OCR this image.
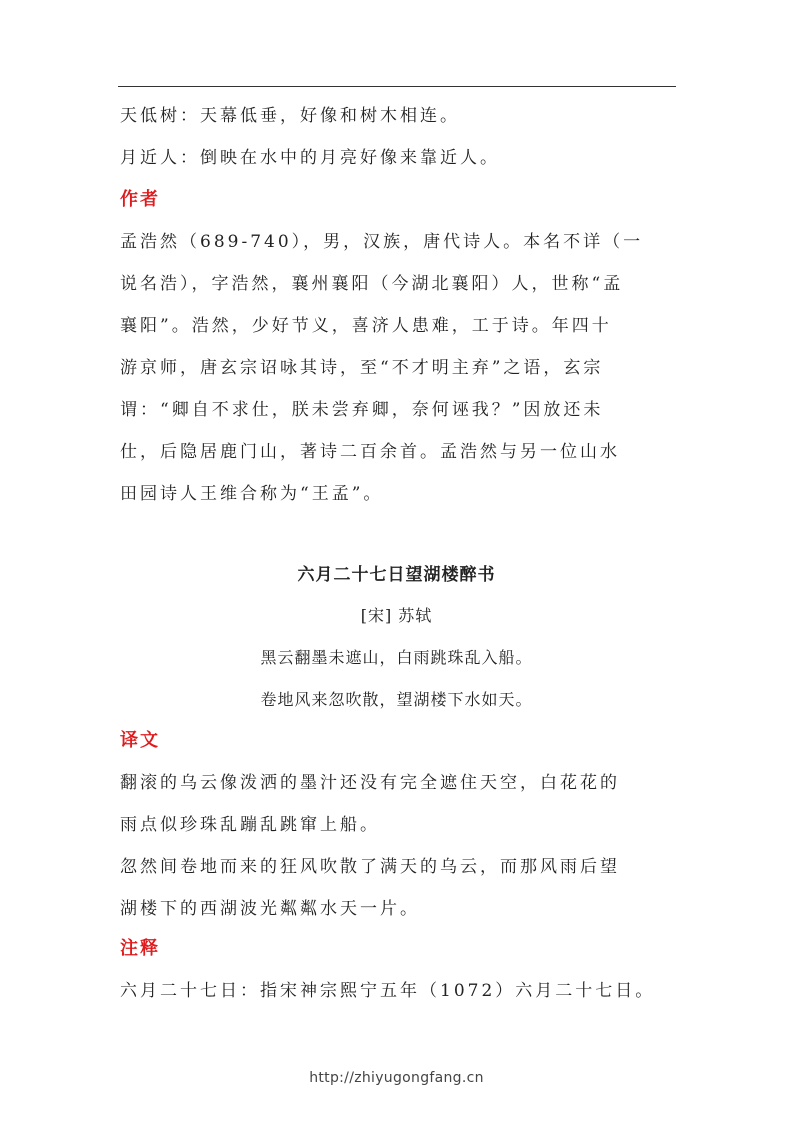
天低树：天幕低垂，好像和树木相连。
月近人：倒映在水中的月亮好像来靠近人。
作者
孟浩然（689-740），男，汉族，唐代诗人。本名不详（一
说名浩），字浩然，襄州襄阳（今湖北襄阳）人，世称“孟
襄阳”。浩然，少好节义，喜济人患难，工于诗。年四十
游京师，唐玄宗诏咏其诗，至“不才明主弃”之语，玄宗
谓：“卿自不求仕，朕未尝弃卿，奈何诬我？”因放还未
仕，后隐居鹿门山，著诗二百余首。孟浩然与另一位山水
田园诗人王维合称为“王孟”。
六月二十七日望湖楼醉书
[宋] 苏轼
黑云翻墨未遮山，白雨跳珠乱入船。
卷地风来忽吹散，望湖楼下水如天。
译文
翻滚的乌云像泼洒的墨汁还没有完全遮住天空，白花花的
雨点似珍珠乱蹦乱跳窜上船。
忽然间卷地而来的狂风吹散了满天的乌云，而那风雨后望
湖楼下的西湖波光粼粼水天一片。
注释
六月二十七日：指宋神宗熙宁五年（1072）六月二十七日。
http://zhiyugongfang.cn
